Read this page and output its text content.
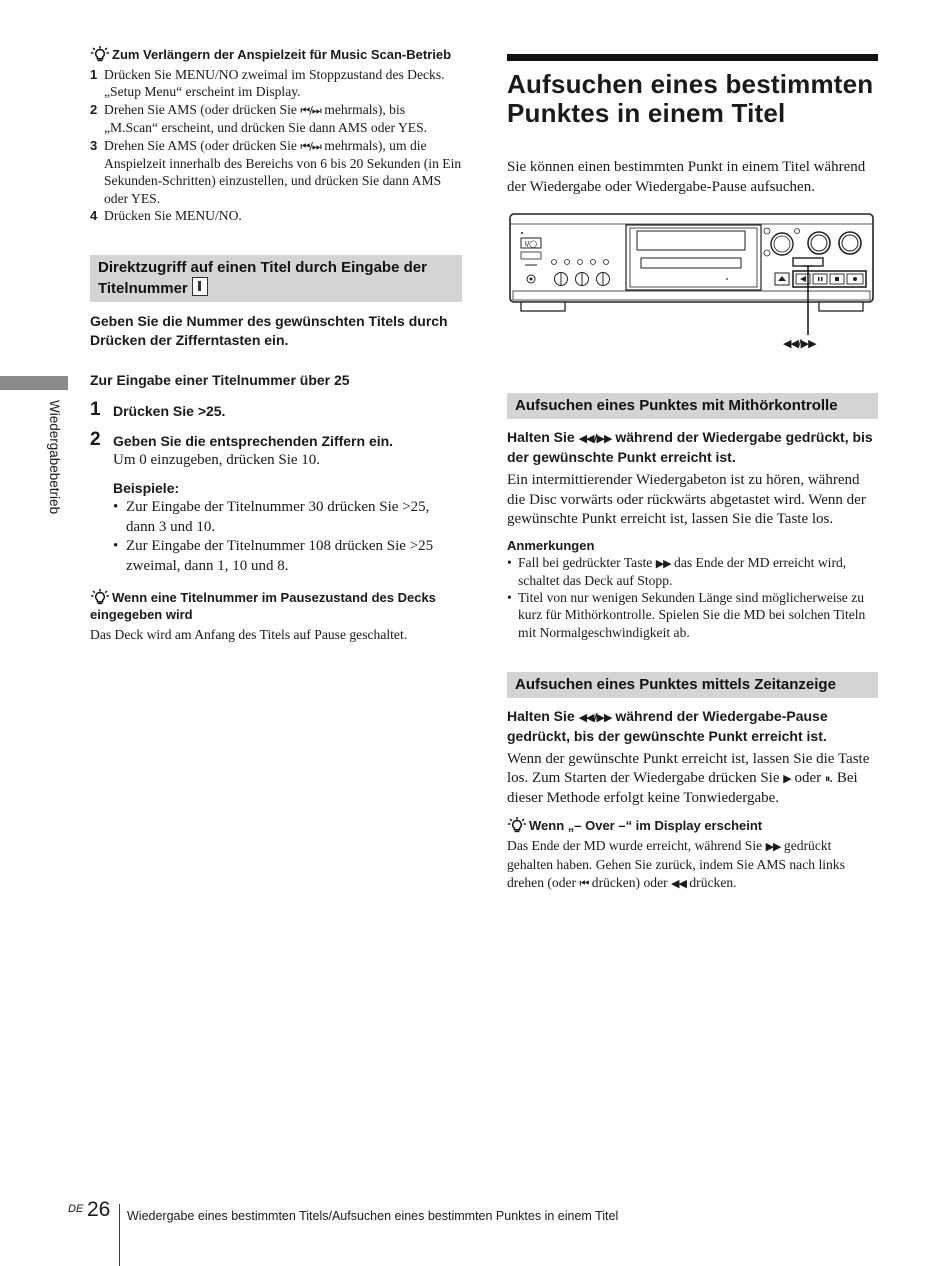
Zum Verlängern der Anspielzeit für Music Scan-Betrieb
1 Drücken Sie MENU/NO zweimal im Stoppzustand des Decks. „Setup Menu“ erscheint im Display.
2 Drehen Sie AMS (oder drücken Sie ⏮/⏭ mehrmals), bis „M.Scan“ erscheint, und drücken Sie dann AMS oder YES.
3 Drehen Sie AMS (oder drücken Sie ⏮/⏭ mehrmals), um die Anspielzeit innerhalb des Bereichs von 6 bis 20 Sekunden (in Ein Sekunden-Schritten) einzustellen, und drücken Sie dann AMS oder YES.
4 Drücken Sie MENU/NO.
Direktzugriff auf einen Titel durch Eingabe der Titelnummer
Geben Sie die Nummer des gewünschten Titels durch Drücken der Zifferntasten ein.
Zur Eingabe einer Titelnummer über 25
1 Drücken Sie >25.
2 Geben Sie die entsprechenden Ziffern ein.
Um 0 einzugeben, drücken Sie 10.
Beispiele:
• Zur Eingabe der Titelnummer 30 drücken Sie >25, dann 3 und 10.
• Zur Eingabe der Titelnummer 108 drücken Sie >25 zweimal, dann 1, 10 und 8.
Wenn eine Titelnummer im Pausezustand des Decks eingegeben wird
Das Deck wird am Anfang des Titels auf Pause geschaltet.
Wiedergabebetrieb
Aufsuchen eines bestimmten Punktes in einem Titel
Sie können einen bestimmten Punkt in einem Titel während der Wiedergabe oder Wiedergabe-Pause aufsuchen.
I/◯
◀◀/▶▶
Aufsuchen eines Punktes mit Mithörkontrolle
Halten Sie ◀◀/▶▶ während der Wiedergabe gedrückt, bis der gewünschte Punkt erreicht ist.
Ein intermittierender Wiedergabeton ist zu hören, während die Disc vorwärts oder rückwärts abgetastet wird. Wenn der gewünschte Punkt erreicht ist, lassen Sie die Taste los.
Anmerkungen
• Fall bei gedrückter Taste ▶▶ das Ende der MD erreicht wird, schaltet das Deck auf Stopp.
• Titel von nur wenigen Sekunden Länge sind möglicherweise zu kurz für Mithörkontrolle. Spielen Sie die MD bei solchen Titeln mit Normalgeschwindigkeit ab.
Aufsuchen eines Punktes mittels Zeitanzeige
Halten Sie ◀◀/▶▶ während der Wiedergabe-Pause gedrückt, bis der gewünschte Punkt erreicht ist.
Wenn der gewünschte Punkt erreicht ist, lassen Sie die Taste los. Zum Starten der Wiedergabe drücken Sie ▶ oder ⏸. Bei dieser Methode erfolgt keine Tonwiedergabe.
Wenn „– Over –“ im Display erscheint
Das Ende der MD wurde erreicht, während Sie ▶▶ gedrückt gehalten haben. Gehen Sie zurück, indem Sie AMS nach links drehen (oder ⏮ drücken) oder ◀◀ drücken.
DE 26 Wiedergabe eines bestimmten Titels/Aufsuchen eines bestimmten Punktes in einem Titel
